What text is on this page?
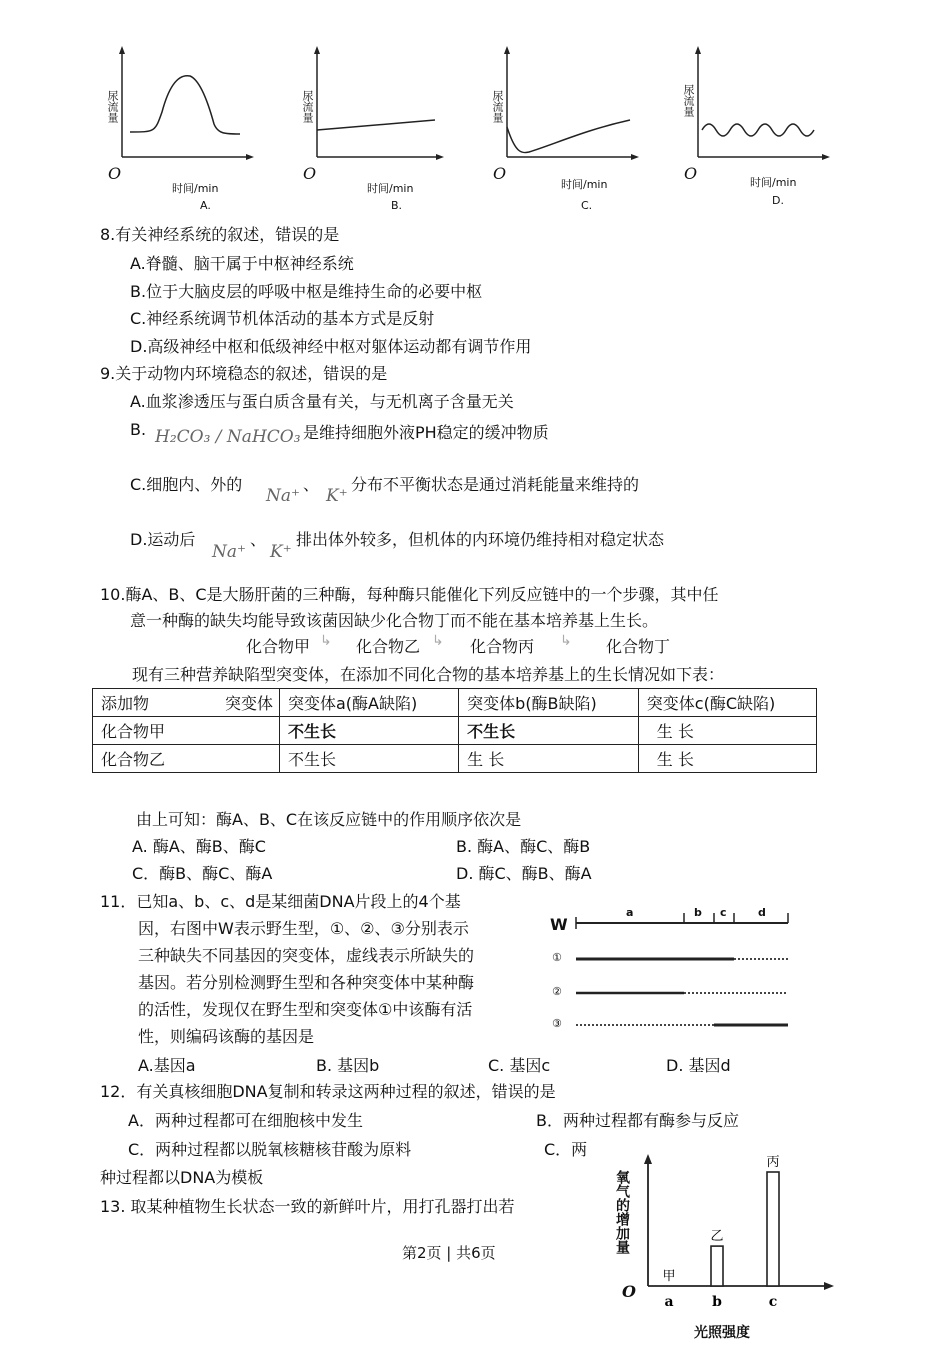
尿流量
O
时间/min
A.
尿流量
O
时间/min
B.
尿流量
O
时间/min
C.
尿流量
O	时间/min
D.
8.有关神经系统的叙述，错误的是
A.脊髓、脑干属于中枢神经系统
B.位于大脑皮层的呼吸中枢是维持生命的必要中枢
C.神经系统调节机体活动的基本方式是反射
D.高级神经中枢和低级神经中枢对躯体运动都有调节作用
9.关于动物内环境稳态的叙述，错误的是
A.血浆渗透压与蛋白质含量有关，与无机离子含量无关
B. H₂CO₃ / NaHCO₃ 是维持细胞外液PH稳定的缓冲物质
C.细胞内、外的
Na⁺
、
K⁺
分布不平衡状态是通过消耗能量来维持的
D.运动后
Na⁺
、
K⁺
排出体外较多，但机体的内环境仍维持相对稳定状态
10.酶A、B、C是大肠肝菌的三种酶，每种酶只能催化下列反应链中的一个步骤，其中任
意一种酶的缺失均能导致该菌因缺少化合物丁而不能在基本培养基上生长。
化合物甲 ↳ 化合物乙 ↳ 化合物丙 ↳ 化合物丁
现有三种营养缺陷型突变体，在添加不同化合物的基本培养基上的生长情况如下表：
添加物 突变体	突变体a(酶A缺陷)	突变体b(酶B缺陷)	突变体c(酶C缺陷)
化合物甲	不生长	不生长	生 长
化合物乙	不生长	生 长	生 长
由上可知：酶A、B、C在该反应链中的作用顺序依次是
A. 酶A、酶B、酶C	B. 酶A、酶C、酶B
C．酶B、酶C、酶A	D. 酶C、酶B、酶A
11．已知a、b、c、d是某细菌DNA片段上的4个基
因，右图中W表示野生型，①、②、③分别表示
三种缺失不同基因的突变体，虚线表示所缺失的
基因。若分别检测野生型和各种突变体中某种酶
的活性，发现仅在野生型和突变体①中该酶有活
性，则编码该酶的基因是
W
a	b c	d
①
②
③
A.基因a	B. 基因b	C. 基因c	D. 基因d
12．有关真核细胞DNA复制和转录这两种过程的叙述，错误的是
A．两种过程都可在细胞核中发生	B．两种过程都有酶参与反应
C．两种过程都以脱氧核糖核苷酸为原料	C．两
种过程都以DNA为模板
13. 取某种植物生长状态一致的新鲜叶片，用打孔器打出若
a
甲
b
乙
c
丙
氧气的增加量
O
光照强度
第2页 | 共6页
